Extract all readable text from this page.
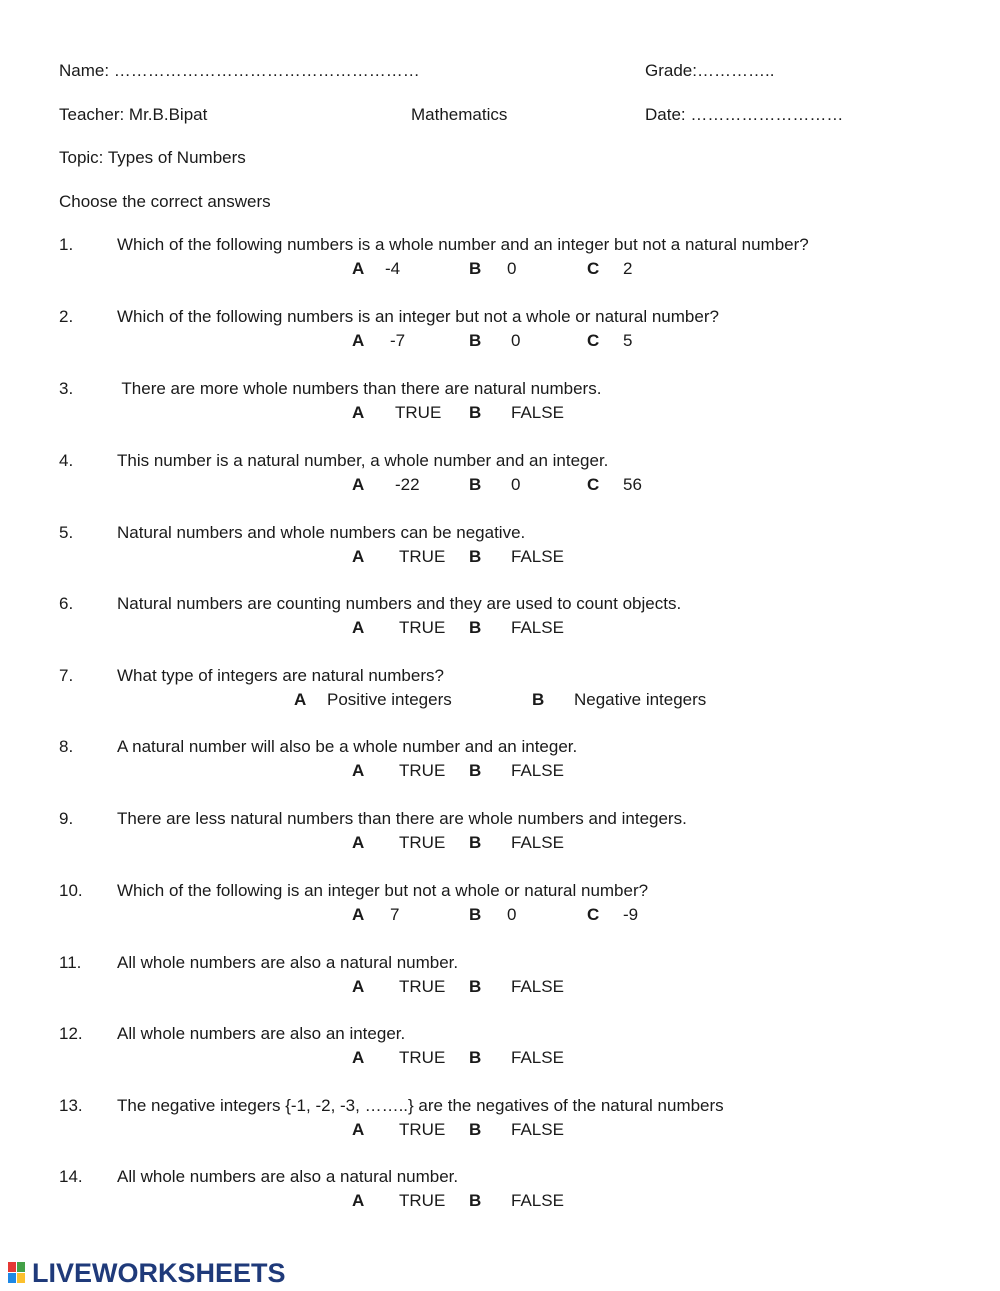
Name: ………………………………………………	Grade:…………..
Teacher: Mr.B.Bipat	Mathematics	Date: ………………………
Topic: Types of Numbers
Choose the correct answers
1.	Which of the following numbers is a whole number and an integer but not a natural number?
A -4	B 0	C 2
2.	Which of the following numbers is an integer but not a whole or natural number?
A -7	B 0	C 5
3.	There are more whole numbers than there are natural numbers.
A TRUE B FALSE
4.	This number is a natural number, a whole number and an integer.
A -22	B 0	C 56
5.	Natural numbers and whole numbers can be negative.
A TRUE B FALSE
6.	Natural numbers are counting numbers and they are used to count objects.
A TRUE B FALSE
7.	What type of integers are natural numbers?
A Positive integers	B Negative integers
8.	A natural number will also be a whole number and an integer.
A TRUE B FALSE
9.	There are less natural numbers than there are whole numbers and integers.
A TRUE B FALSE
10. Which of the following is an integer but not a whole or natural number?
A 7	B 0	C -9
11. All whole numbers are also a natural number.
A TRUE B FALSE
12. All whole numbers are also an integer.
A TRUE B FALSE
13. The negative integers {-1, -2, -3, ……..} are the negatives of the natural numbers
A TRUE B FALSE
14. All whole numbers are also a natural number.
A TRUE B FALSE
LIVEWORKSHEETS
